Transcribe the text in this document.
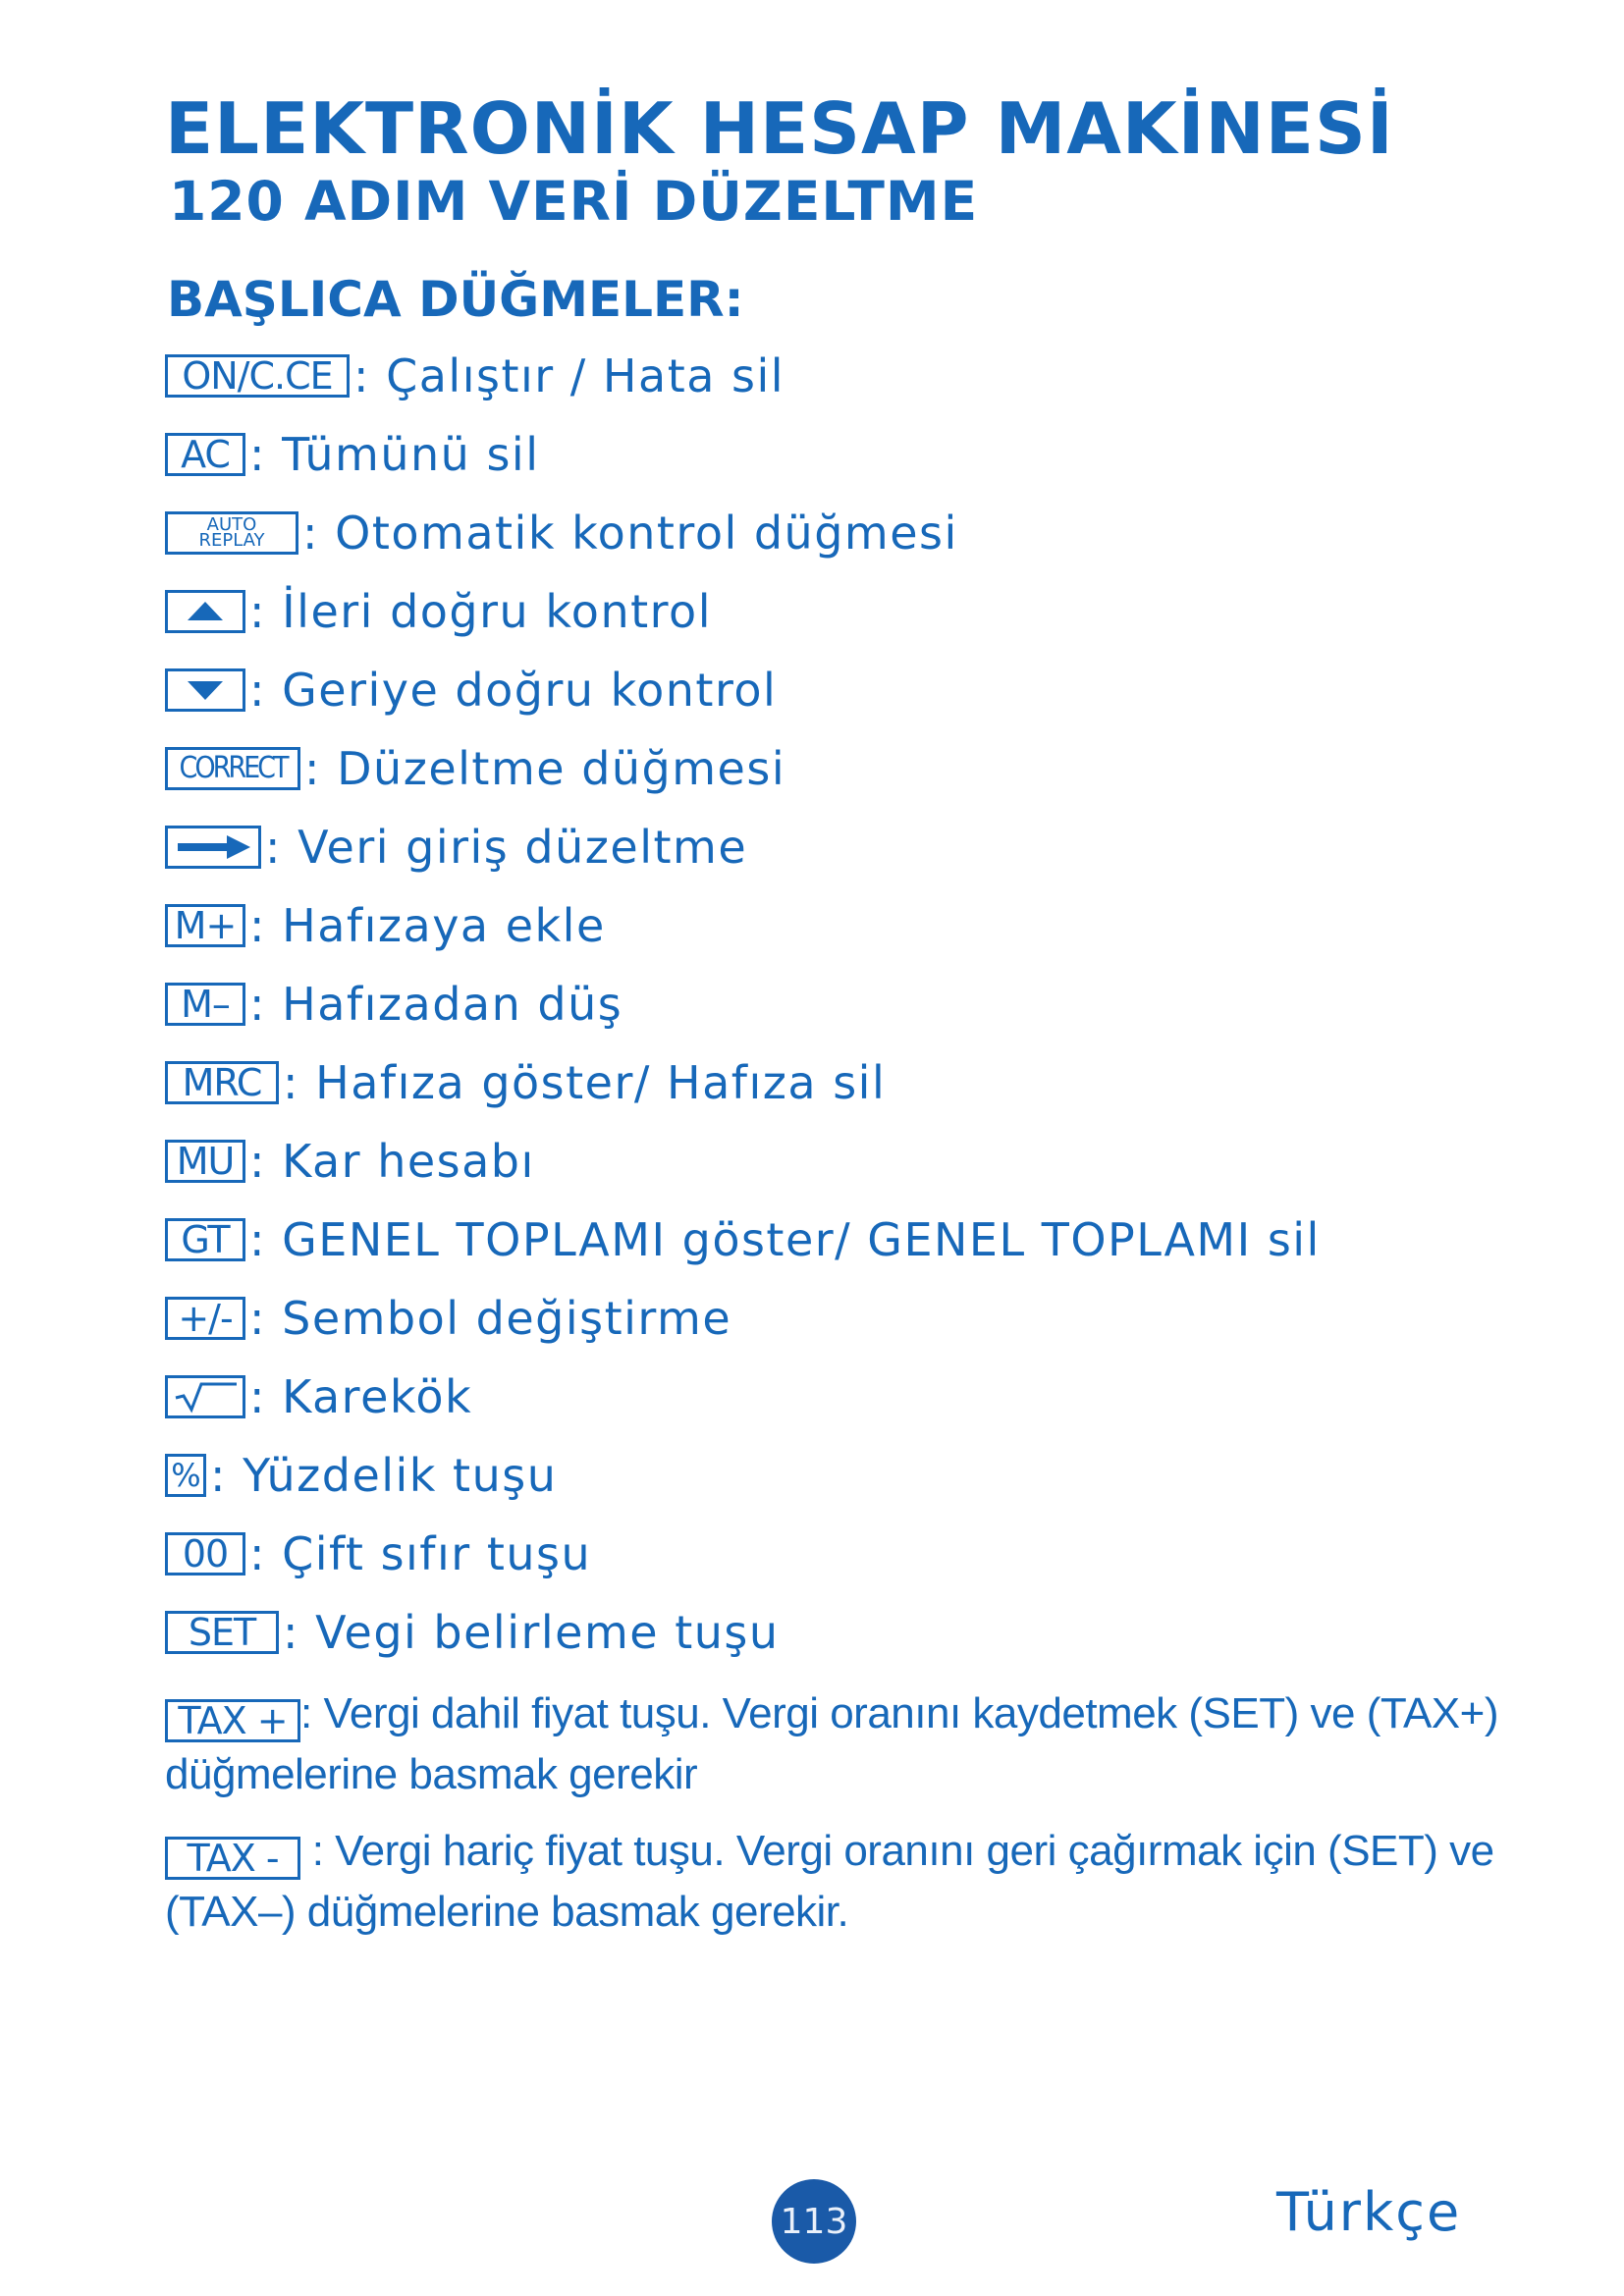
ELEKTRONİK HESAP MAKİNESİ
120 ADIM VERİ DÜZELTME
BAŞLICA DÜĞMELER:
ON/C.CE : Çalıştır / Hata sil
AC : Tümünü sil
AUTO
REPLAY : Otomatik kontrol düğmesi
: İleri doğru kontrol
: Geriye doğru kontrol
CORRECT : Düzeltme düğmesi
: Veri giriş düzeltme
M+ : Hafızaya ekle
M– : Hafızadan düş
MRC : Hafıza göster/ Hafıza sil
MU : Kar hesabı
GT : GENEL TOPLAMI göster/ GENEL TOPLAMI sil
+/- : Sembol değiştirme
: Karekök
% : Yüzdelik tuşu
00 : Çift sıfır tuşu
SET : Vegi belirleme tuşu
TAX + : Vergi dahil fiyat tuşu. Vergi oranını kaydetmek (SET) ve (TAX+) düğmelerine basmak gerekir
TAX - : Vergi hariç fiyat tuşu. Vergi oranını geri çağırmak için (SET) ve (TAX–) düğmelerine basmak gerekir.
113	Türkçe
